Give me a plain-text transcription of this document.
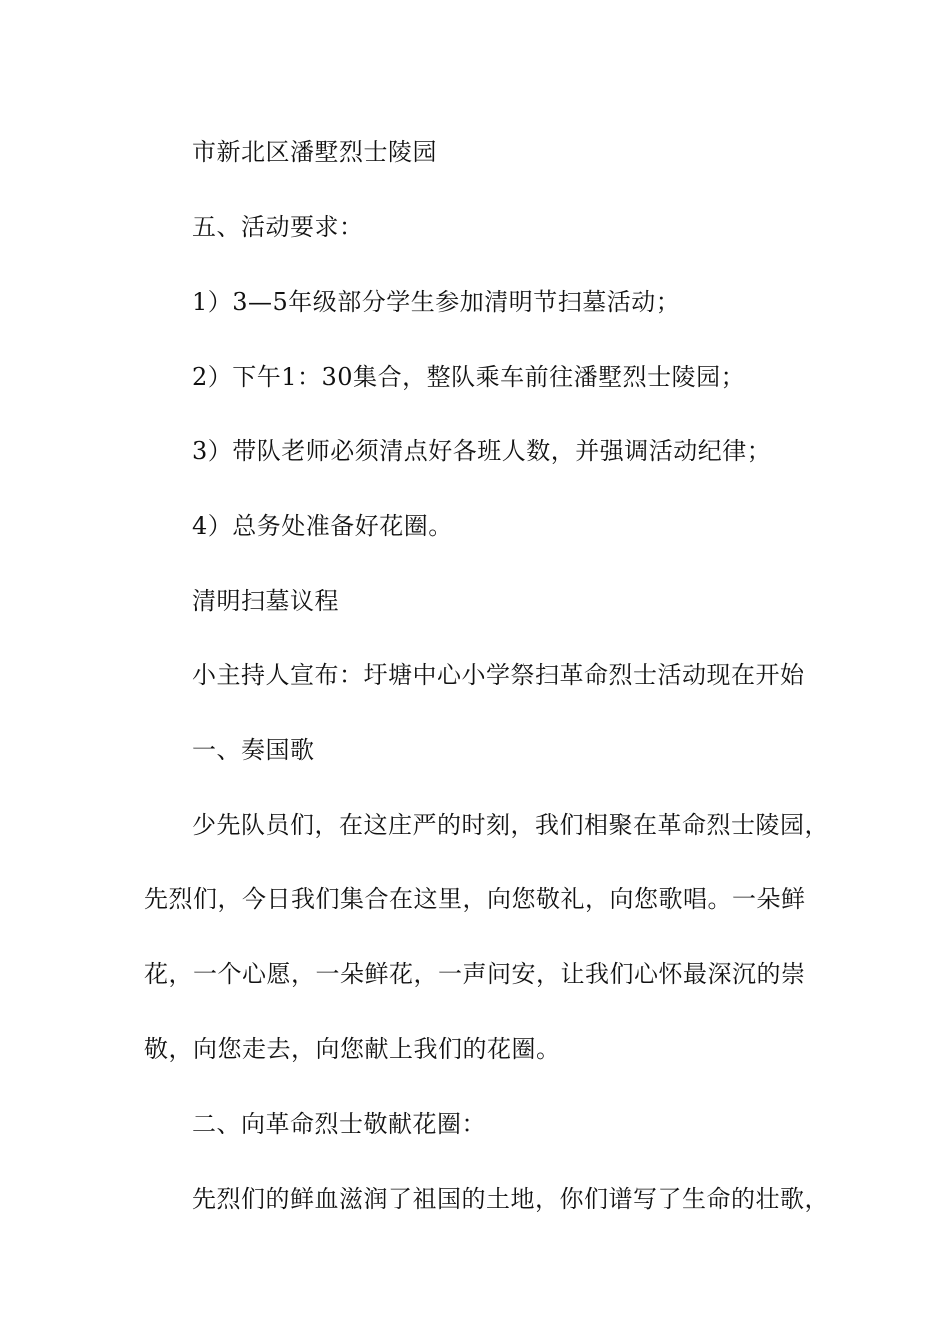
市新北区潘墅烈士陵园
五、活动要求：
1）3—5年级部分学生参加清明节扫墓活动；
2）下午1：30集合，整队乘车前往潘墅烈士陵园；
3）带队老师必须清点好各班人数，并强调活动纪律；
4）总务处准备好花圈。
清明扫墓议程
小主持人宣布：圩塘中心小学祭扫革命烈士活动现在开始
一、奏国歌
少先队员们，在这庄严的时刻，我们相聚在革命烈士陵园，
先烈们，今日我们集合在这里，向您敬礼，向您歌唱。一朵鲜
花，一个心愿，一朵鲜花，一声问安，让我们心怀最深沉的崇
敬，向您走去，向您献上我们的花圈。
二、向革命烈士敬献花圈：
先烈们的鲜血滋润了祖国的土地，你们谱写了生命的壮歌，
